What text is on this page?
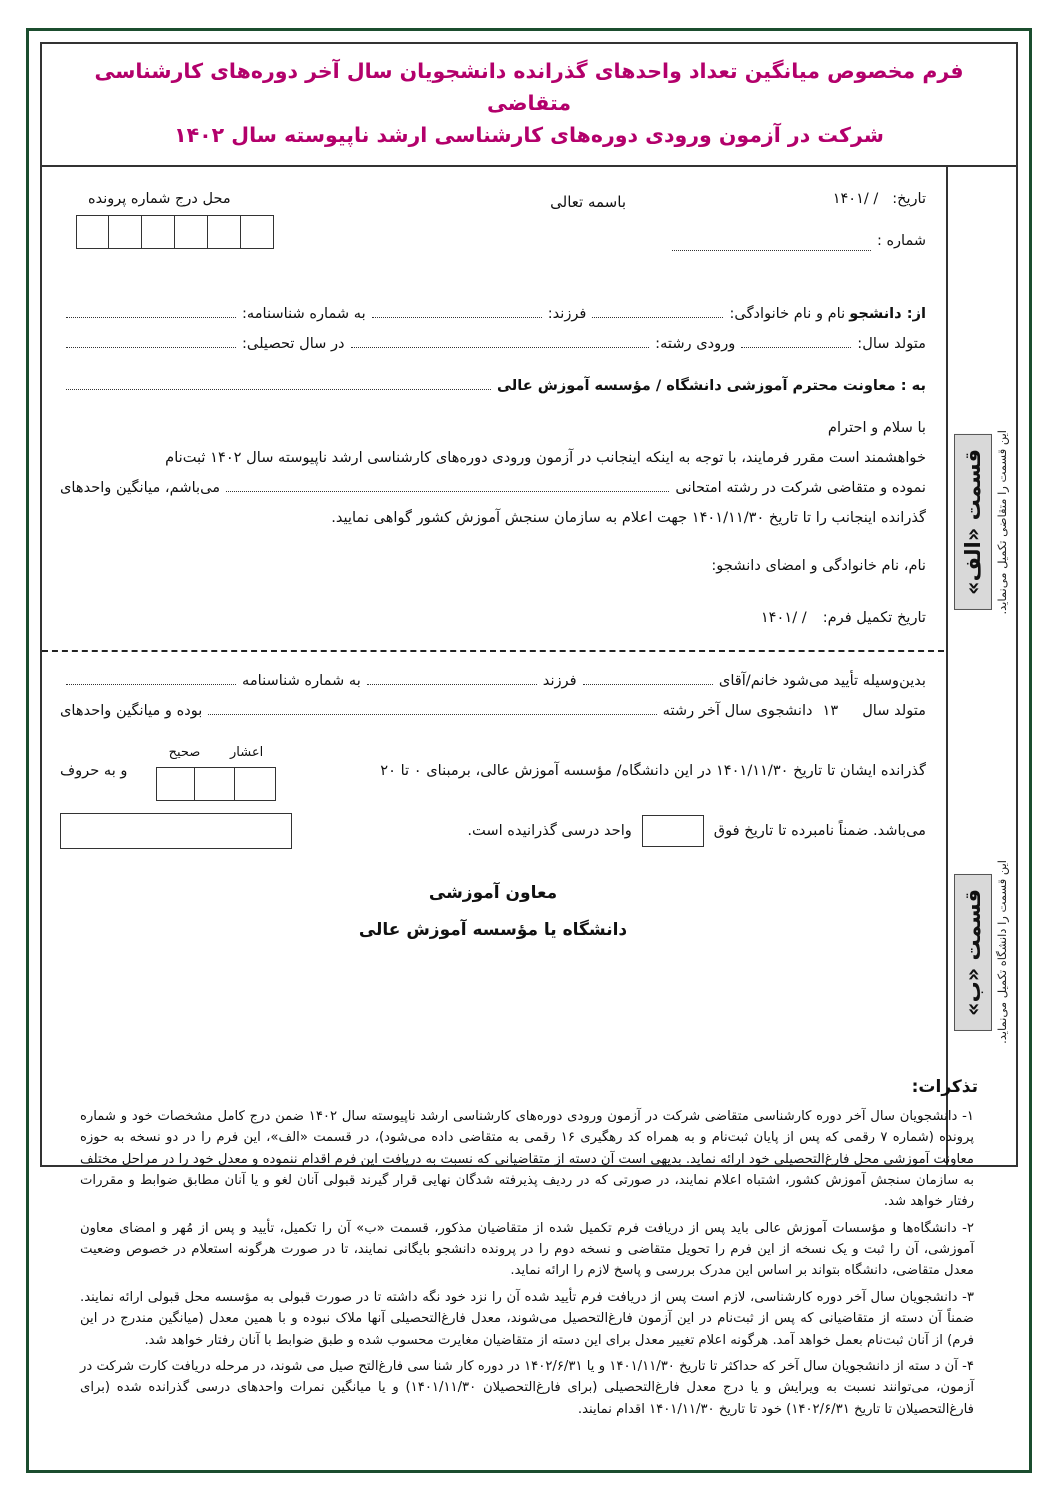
فرم مخصوص میانگین تعداد واحدهای گذرانده دانشجویان سال آخر دوره‌های کارشناسی متقاضی
شرکت در آزمون ورودی دوره‌های کارشناسی ارشد ناپیوسته سال ۱۴۰۲
این قسمت را متقاضی تکمیل می‌نماید.
قسمت «الف»
این قسمت را دانشگاه تکمیل می‌نماید.
قسمت «ب»
باسمه تعالی
محل درج شماره پرونده	تاریخ:
/ /۱۴۰۱
شماره :
از: دانشجو
نام و نام خانوادگی:
فرزند:
به شماره شناسنامه:
متولد سال:
ورودی رشته:
در سال تحصیلی:
به : معاونت محترم آموزشی دانشگاه / مؤسسه آموزش عالی
با سلام و احترام

خواهشمند است مقرر فرمایند، با توجه به اینکه اینجانب در آزمون ورودی دوره‌های کارشناسی ارشد ناپیوسته سال ۱۴۰۲ ثبت‌نام

نموده و متقاضی شرکت در رشته امتحانی
می‌باشم، میانگین واحدهای

گذرانده اینجانب را تا تاریخ ۱۴۰۱/۱۱/۳۰ جهت اعلام به سازمان سنجش آموزش کشور گواهی نمایید.

نام، نام خانوادگی و امضای دانشجو:
تاریخ تکمیل فرم:
/ /۱۴۰۱
بدین‌وسیله تأیید می‌شود خانم/آقای
فرزند
به شماره شناسنامه
متولد سال
۱۳
دانشجوی سال آخر رشته
بوده و میانگین واحدهای
گذرانده ایشان تا تاریخ ۱۴۰۱/۱۱/۳۰ در این دانشگاه/ مؤسسه آموزش عالی، برمبنای ۰ تا ۲۰
اعشار صحیح
و به حروف
می‌باشد. ضمناً نامبرده تا تاریخ فوق
واحد درسی گذرانیده است.
معاون آموزشی
دانشگاه یا مؤسسه آموزش عالی
تذکرات:

۱- دانشجویان سال آخر دوره کارشناسی متقاضی شرکت در آزمون ورودی دوره‌های کارشناسی ارشد ناپیوسته سال ۱۴۰۲ ضمن درج کامل مشخصات خود و شماره پرونده (شماره ۷ رقمی که پس از پایان ثبت‌نام و به همراه کد رهگیری ۱۶ رقمی به متقاضی داده می‌شود)، در قسمت «الف»، این فرم را در دو نسخه به حوزه معاونت آموزشی محل فارغ‌التحصیلی خود ارائه نماید. بدیهی است آن دسته از متقاضیانی که نسبت به دریافت این فرم اقدام ننموده و معدل خود را در مراحل مختلف به سازمان سنجش آموزش کشور، اشتباه اعلام نمایند، در صورتی که در ردیف پذیرفته شدگان نهایی قرار گیرند قبولی آنان لغو و یا آنان مطابق ضوابط و مقررات رفتار خواهد شد.

۲- دانشگاه‌ها و مؤسسات آموزش عالی باید پس از دریافت فرم تکمیل شده از متقاضیان مذکور، قسمت «ب» آن را تکمیل، تأیید و پس از مُهر و امضای معاون آموزشی، آن را ثبت و یک نسخه از این فرم را تحویل متقاضی و نسخه دوم را در پرونده دانشجو بایگانی نمایند، تا در صورت هرگونه استعلام در خصوص وضعیت معدل متقاضی، دانشگاه بتواند بر اساس این مدرک بررسی و پاسخ لازم را ارائه نماید.

۳- دانشجویان سال آخر دوره کارشناسی، لازم است پس از دریافت فرم تأیید شده آن را نزد خود نگه داشته تا در صورت قبولی به مؤسسه محل قبولی ارائه نمایند. ضمناً آن دسته از متقاضیانی که پس از ثبت‌نام در این آزمون فارغ‌التحصیل می‌شوند، معدل فارغ‌التحصیلی آنها ملاک نبوده و با همین معدل (میانگین مندرج در این فرم) از آنان ثبت‌نام بعمل خواهد آمد. هرگونه اعلام تغییر معدل برای این دسته از متقاضیان مغایرت محسوب شده و طبق ضوابط با آنان رفتار خواهد شد.

۴- آن د سته از دانشجویان سال آخر که حداکثر تا تاریخ ۱۴۰۱/۱۱/۳۰ و یا ۱۴۰۲/۶/۳۱ در دوره کار شنا سی فارغ‌التح صیل می شوند، در مرحله دریافت کارت شرکت در آزمون، می‌توانند نسبت به ویرایش و یا درج معدل فارغ‌التحصیلی (برای فارغ‌التحصیلان ۱۴۰۱/۱۱/۳۰) و یا میانگین نمرات واحدهای درسی گذرانده شده (برای فارغ‌التحصیلان تا تاریخ ۱۴۰۲/۶/۳۱) خود تا تاریخ ۱۴۰۱/۱۱/۳۰ اقدام نمایند.
